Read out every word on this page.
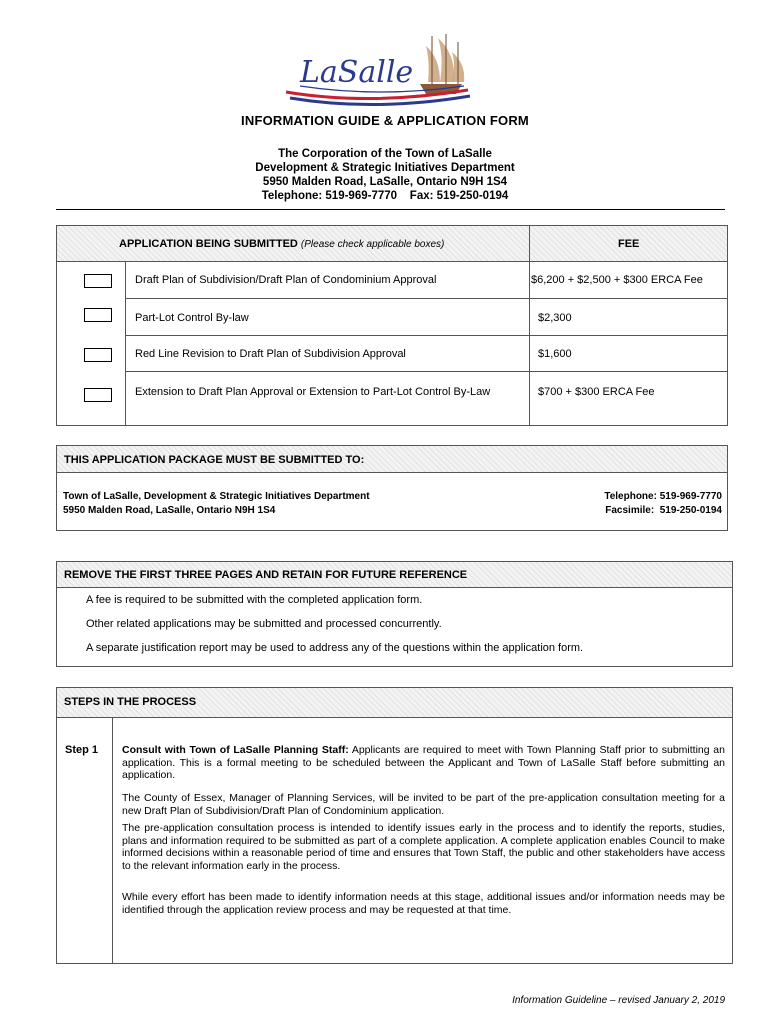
LaSalle
INFORMATION GUIDE & APPLICATION FORM
The Corporation of the Town of LaSalle
Development & Strategic Initiatives Department
5950 Malden Road, LaSalle, Ontario N9H 1S4
Telephone: 519-969-7770    Fax: 519-250-0194
APPLICATION BEING SUBMITTED (Please check applicable boxes)	FEE
Draft Plan of Subdivision/Draft Plan of Condominium Approval	$6,200 + $2,500 + $300 ERCA Fee
Part-Lot Control By-law	$2,300
Red Line Revision to Draft Plan of Subdivision Approval	$1,600
Extension to Draft Plan Approval or Extension to Part-Lot Control By-Law	$700 + $300 ERCA Fee
THIS APPLICATION PACKAGE MUST BE SUBMITTED TO:
Town of LaSalle, Development & Strategic Initiatives Department
5950 Malden Road, LaSalle, Ontario N9H 1S4
Telephone: 519-969-7770
Facsimile:  519-250-0194
REMOVE THE FIRST THREE PAGES AND RETAIN FOR FUTURE REFERENCE
A fee is required to be submitted with the completed application form.
Other related applications may be submitted and processed concurrently.
A separate justification report may be used to address any of the questions within the application form.
STEPS IN THE PROCESS
Step 1 Consult with Town of LaSalle Planning Staff: Applicants are required to meet with Town Planning Staff prior to submitting an application. This is a formal meeting to be scheduled between the Applicant and Town of LaSalle Staff before submitting an application.
The County of Essex, Manager of Planning Services, will be invited to be part of the pre-application consultation meeting for a new Draft Plan of Subdivision/Draft Plan of Condominium application.
The pre-application consultation process is intended to identify issues early in the process and to identify the reports, studies, plans and information required to be submitted as part of a complete application. A complete application enables Council to make informed decisions within a reasonable period of time and ensures that Town Staff, the public and other stakeholders have access to the relevant information early in the process.
While every effort has been made to identify information needs at this stage, additional issues and/or information needs may be identified through the application review process and may be requested at that time.
Information Guideline – revised January 2, 2019
